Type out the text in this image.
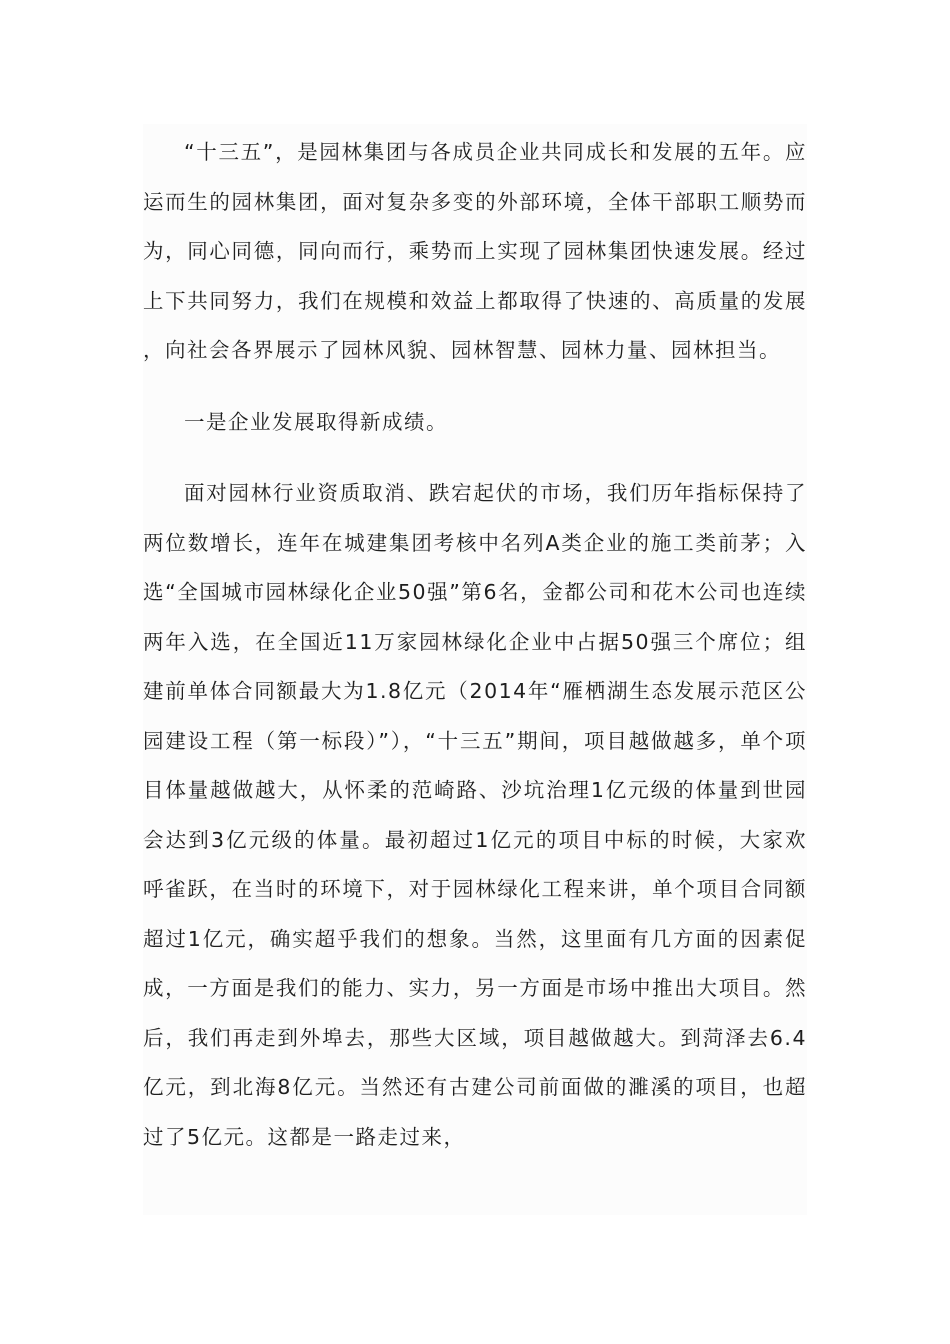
“十三五”，是园林集团与各成员企业共同成长和发展的五年。应运而生的园林集团，面对复杂多变的外部环境，全体干部职工顺势而为，同心同德，同向而行，乘势而上实现了园林集团快速发展。经过上下共同努力，我们在规模和效益上都取得了快速的、高质量的发展，向社会各界展示了园林风貌、园林智慧、园林力量、园林担当。

一是企业发展取得新成绩。

面对园林行业资质取消、跌宕起伏的市场，我们历年指标保持了两位数增长，连年在城建集团考核中名列A类企业的施工类前茅；入选“全国城市园林绿化企业50强”第6名，金都公司和花木公司也连续两年入选，在全国近11万家园林绿化企业中占据50强三个席位；组建前单体合同额最大为1.8亿元（2014年“雁栖湖生态发展示范区公园建设工程（第一标段）”），“十三五”期间，项目越做越多，单个项目体量越做越大，从怀柔的范崎路、沙坑治理1亿元级的体量到世园会达到3亿元级的体量。最初超过1亿元的项目中标的时候，大家欢呼雀跃，在当时的环境下，对于园林绿化工程来讲，单个项目合同额超过1亿元，确实超乎我们的想象。当然，这里面有几方面的因素促成，一方面是我们的能力、实力，另一方面是市场中推出大项目。然后，我们再走到外埠去，那些大区域，项目越做越大。到菏泽去6.4亿元，到北海8亿元。当然还有古建公司前面做的濉溪的项目，也超过了5亿元。这都是一路走过来，
